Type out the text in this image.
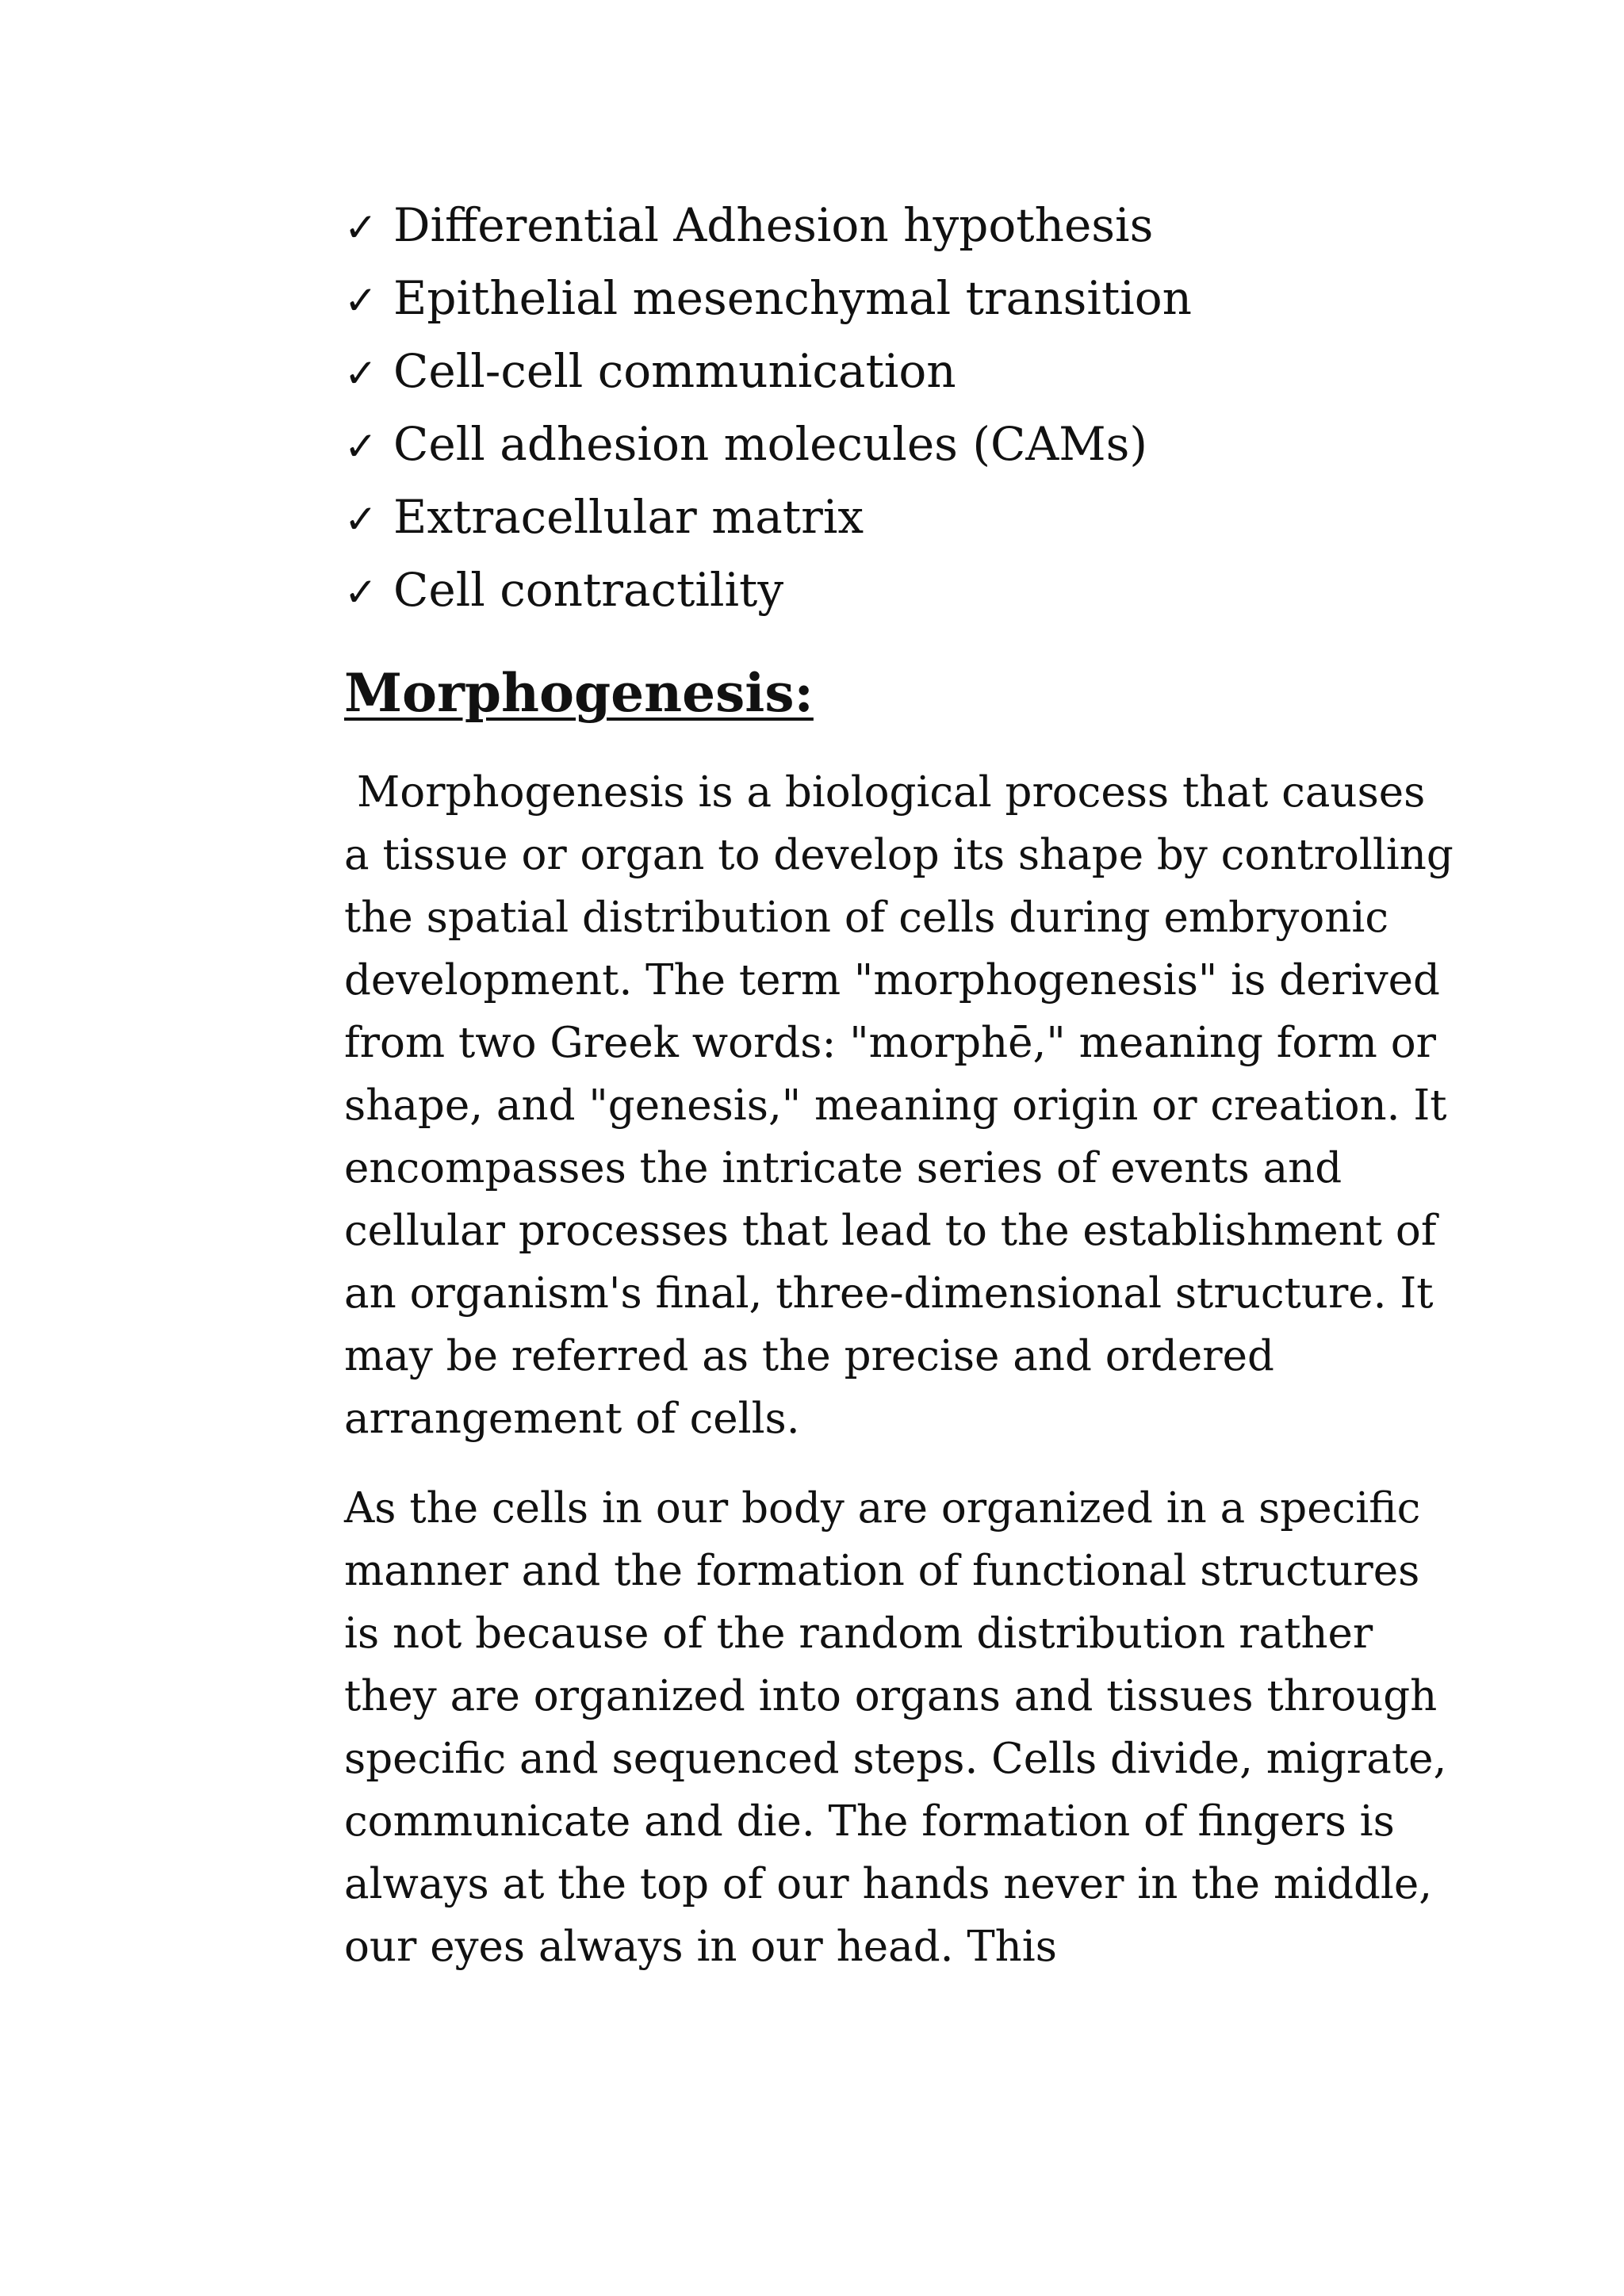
✓ Differential Adhesion hypothesis
✓ Epithelial mesenchymal transition
✓ Cell-cell communication
✓ Cell adhesion molecules (CAMs)
✓ Extracellular matrix
✓ Cell contractility
Morphogenesis:

Morphogenesis is a biological process that causes a tissue or organ to develop its shape by controlling the spatial distribution of cells during embryonic development. The term "morphogenesis" is derived from two Greek words: "morphē," meaning form or shape, and "genesis," meaning origin or creation. It encompasses the intricate series of events and cellular processes that lead to the establishment of an organism's final, three-dimensional structure. It may be referred as the precise and ordered arrangement of cells.

As the cells in our body are organized in a specific manner and the formation of functional structures is not because of the random distribution rather they are organized into organs and tissues through specific and sequenced steps. Cells divide, migrate, communicate and die. The formation of fingers is always at the top of our hands never in the middle, our eyes always in our head. This
